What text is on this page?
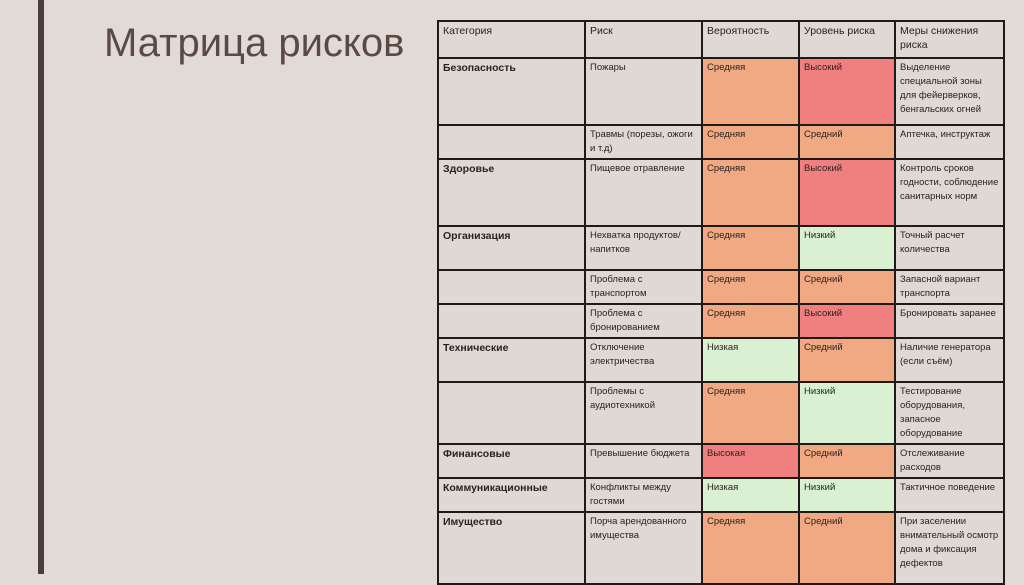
Матрица рисков	Категория	Риск	Вероятность	Уровень риска	Меры снижения риска
Безопасность	Пожары	Средняя	Высокий	Выделение специальной зоны для фейерверков, бенгальских огней
	Травмы (порезы, ожоги и т.д)	Средняя	Средний	Аптечка, инструктаж
Здоровье	Пищевое отравление	Средняя	Высокий	Контроль сроков годности, соблюдение санитарных норм
Организация	Нехватка продуктов/ напитков	Средняя	Низкий	Точный расчет количества
	Проблема с транспортом	Средняя	Средний	Запасной вариант транспорта
	Проблема с бронированием	Средняя	Высокий	Бронировать заранее
Технические	Отключение электричества	Низкая	Средний	Наличие генератора (если съём)
	Проблемы с аудиотехникой	Средняя	Низкий	Тестирование оборудования, запасное оборудование
Финансовые	Превышение бюджета	Высокая	Средний	Отслеживание расходов
Коммуникационные	Конфликты между гостями	Низкая	Низкий	Тактичное поведение
Имущество	Порча арендованного имущества	Средняя	Средний	При заселении внимательный осмотр дома и фиксация дефектов
